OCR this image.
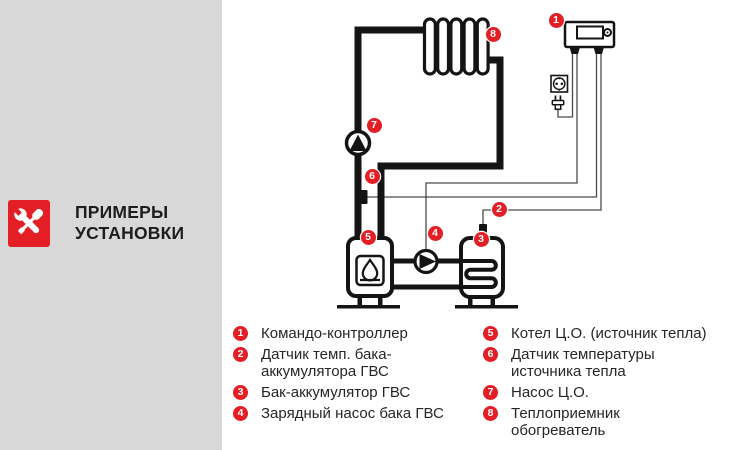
ПРИМЕРЫ
УСТАНОВКИ
1
2
3
4
5
6
7
8
1	Командо-контроллер
2	Датчик темп. бака-
аккумулятора ГВС
3	Бак-аккумулятор ГВС
4	Зарядный насос бака ГВС
5	Котел Ц.О. (источник тепла)
6	Датчик температуры
источника тепла
7	Насос Ц.О.
8	Теплоприемник
обогреватель
